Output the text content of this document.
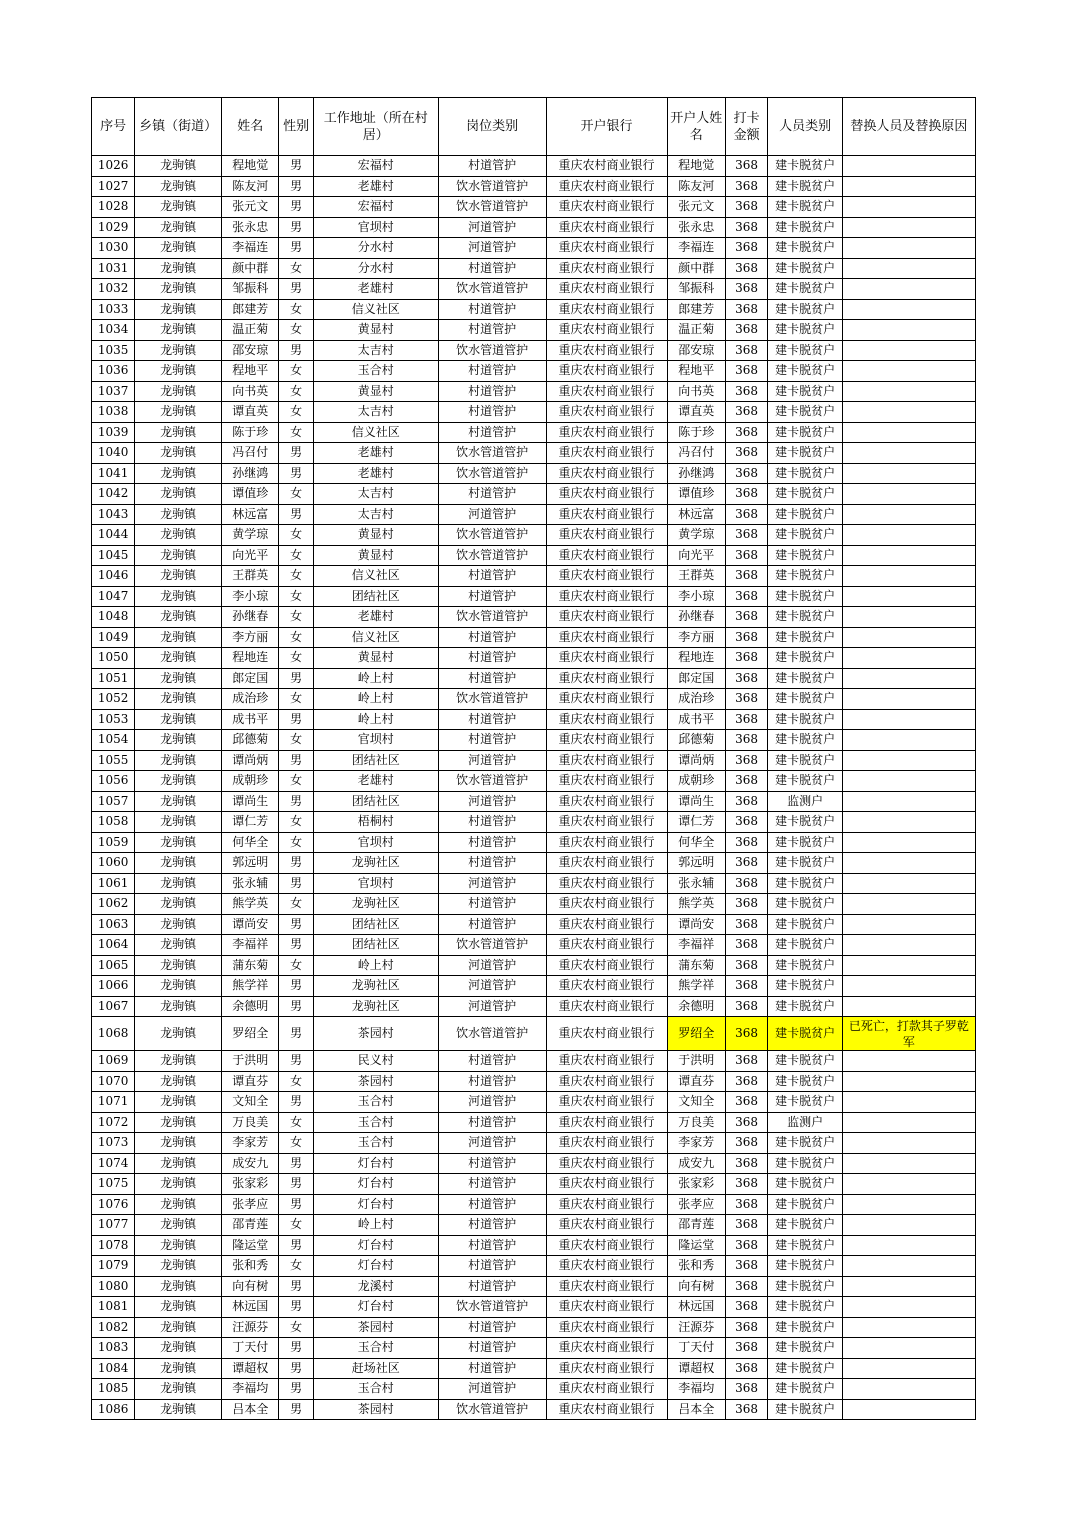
序号	乡镇（街道）	姓名	性别	工作地址（所在村居）	岗位类别	开户银行	开户人姓名	打卡金额	人员类别	替换人员及替换原因
1026	龙驹镇	程地觉	男	宏福村	村道管护	重庆农村商业银行	程地觉	368	建卡脱贫户	
1027	龙驹镇	陈友河	男	老雄村	饮水管道管护	重庆农村商业银行	陈友河	368	建卡脱贫户	
1028	龙驹镇	张元文	男	宏福村	饮水管道管护	重庆农村商业银行	张元文	368	建卡脱贫户	
1029	龙驹镇	张永忠	男	官坝村	河道管护	重庆农村商业银行	张永忠	368	建卡脱贫户	
1030	龙驹镇	李福连	男	分水村	河道管护	重庆农村商业银行	李福连	368	建卡脱贫户	
1031	龙驹镇	颜中群	女	分水村	村道管护	重庆农村商业银行	颜中群	368	建卡脱贫户	
1032	龙驹镇	邹振科	男	老雄村	饮水管道管护	重庆农村商业银行	邹振科	368	建卡脱贫户	
1033	龙驹镇	郎建芳	女	信义社区	村道管护	重庆农村商业银行	郎建芳	368	建卡脱贫户	
1034	龙驹镇	温正菊	女	黄显村	村道管护	重庆农村商业银行	温正菊	368	建卡脱贫户	
1035	龙驹镇	邵安琼	男	太吉村	饮水管道管护	重庆农村商业银行	邵安琼	368	建卡脱贫户	
1036	龙驹镇	程地平	女	玉合村	村道管护	重庆农村商业银行	程地平	368	建卡脱贫户	
1037	龙驹镇	向书英	女	黄显村	村道管护	重庆农村商业银行	向书英	368	建卡脱贫户	
1038	龙驹镇	谭直英	女	太吉村	村道管护	重庆农村商业银行	谭直英	368	建卡脱贫户	
1039	龙驹镇	陈于珍	女	信义社区	村道管护	重庆农村商业银行	陈于珍	368	建卡脱贫户	
1040	龙驹镇	冯召付	男	老雄村	饮水管道管护	重庆农村商业银行	冯召付	368	建卡脱贫户	
1041	龙驹镇	孙继鸿	男	老雄村	饮水管道管护	重庆农村商业银行	孙继鸿	368	建卡脱贫户	
1042	龙驹镇	谭值珍	女	太吉村	村道管护	重庆农村商业银行	谭值珍	368	建卡脱贫户	
1043	龙驹镇	林远富	男	太吉村	河道管护	重庆农村商业银行	林远富	368	建卡脱贫户	
1044	龙驹镇	黄学琼	女	黄显村	饮水管道管护	重庆农村商业银行	黄学琼	368	建卡脱贫户	
1045	龙驹镇	向光平	女	黄显村	饮水管道管护	重庆农村商业银行	向光平	368	建卡脱贫户	
1046	龙驹镇	王群英	女	信义社区	村道管护	重庆农村商业银行	王群英	368	建卡脱贫户	
1047	龙驹镇	李小琼	女	团结社区	村道管护	重庆农村商业银行	李小琼	368	建卡脱贫户	
1048	龙驹镇	孙继春	女	老雄村	饮水管道管护	重庆农村商业银行	孙继春	368	建卡脱贫户	
1049	龙驹镇	李方丽	女	信义社区	村道管护	重庆农村商业银行	李方丽	368	建卡脱贫户	
1050	龙驹镇	程地连	女	黄显村	村道管护	重庆农村商业银行	程地连	368	建卡脱贫户	
1051	龙驹镇	郎定国	男	岭上村	村道管护	重庆农村商业银行	郎定国	368	建卡脱贫户	
1052	龙驹镇	成治珍	女	岭上村	饮水管道管护	重庆农村商业银行	成治珍	368	建卡脱贫户	
1053	龙驹镇	成书平	男	岭上村	村道管护	重庆农村商业银行	成书平	368	建卡脱贫户	
1054	龙驹镇	邱德菊	女	官坝村	村道管护	重庆农村商业银行	邱德菊	368	建卡脱贫户	
1055	龙驹镇	谭尚炳	男	团结社区	河道管护	重庆农村商业银行	谭尚炳	368	建卡脱贫户	
1056	龙驹镇	成朝珍	女	老雄村	饮水管道管护	重庆农村商业银行	成朝珍	368	建卡脱贫户	
1057	龙驹镇	谭尚生	男	团结社区	河道管护	重庆农村商业银行	谭尚生	368	监测户	
1058	龙驹镇	谭仁芳	女	梧桐村	村道管护	重庆农村商业银行	谭仁芳	368	建卡脱贫户	
1059	龙驹镇	何华全	女	官坝村	村道管护	重庆农村商业银行	何华全	368	建卡脱贫户	
1060	龙驹镇	郭远明	男	龙驹社区	村道管护	重庆农村商业银行	郭远明	368	建卡脱贫户	
1061	龙驹镇	张永辅	男	官坝村	河道管护	重庆农村商业银行	张永辅	368	建卡脱贫户	
1062	龙驹镇	熊学英	女	龙驹社区	村道管护	重庆农村商业银行	熊学英	368	建卡脱贫户	
1063	龙驹镇	谭尚安	男	团结社区	村道管护	重庆农村商业银行	谭尚安	368	建卡脱贫户	
1064	龙驹镇	李福祥	男	团结社区	饮水管道管护	重庆农村商业银行	李福祥	368	建卡脱贫户	
1065	龙驹镇	蒲东菊	女	岭上村	河道管护	重庆农村商业银行	蒲东菊	368	建卡脱贫户	
1066	龙驹镇	熊学祥	男	龙驹社区	河道管护	重庆农村商业银行	熊学祥	368	建卡脱贫户	
1067	龙驹镇	余德明	男	龙驹社区	河道管护	重庆农村商业银行	余德明	368	建卡脱贫户	
1068	龙驹镇	罗绍全	男	茶园村	饮水管道管护	重庆农村商业银行	罗绍全	368	建卡脱贫户	已死亡，打款其子罗乾军
1069	龙驹镇	于洪明	男	民义村	村道管护	重庆农村商业银行	于洪明	368	建卡脱贫户	
1070	龙驹镇	谭直芬	女	茶园村	村道管护	重庆农村商业银行	谭直芬	368	建卡脱贫户	
1071	龙驹镇	文知全	男	玉合村	河道管护	重庆农村商业银行	文知全	368	建卡脱贫户	
1072	龙驹镇	万良美	女	玉合村	村道管护	重庆农村商业银行	万良美	368	监测户	
1073	龙驹镇	李家芳	女	玉合村	河道管护	重庆农村商业银行	李家芳	368	建卡脱贫户	
1074	龙驹镇	成安九	男	灯台村	村道管护	重庆农村商业银行	成安九	368	建卡脱贫户	
1075	龙驹镇	张家彩	男	灯台村	村道管护	重庆农村商业银行	张家彩	368	建卡脱贫户	
1076	龙驹镇	张孝应	男	灯台村	村道管护	重庆农村商业银行	张孝应	368	建卡脱贫户	
1077	龙驹镇	邵青莲	女	岭上村	村道管护	重庆农村商业银行	邵青莲	368	建卡脱贫户	
1078	龙驹镇	隆运堂	男	灯台村	村道管护	重庆农村商业银行	隆运堂	368	建卡脱贫户	
1079	龙驹镇	张和秀	女	灯台村	村道管护	重庆农村商业银行	张和秀	368	建卡脱贫户	
1080	龙驹镇	向有树	男	龙溪村	村道管护	重庆农村商业银行	向有树	368	建卡脱贫户	
1081	龙驹镇	林远国	男	灯台村	饮水管道管护	重庆农村商业银行	林远国	368	建卡脱贫户	
1082	龙驹镇	汪源芬	女	茶园村	村道管护	重庆农村商业银行	汪源芬	368	建卡脱贫户	
1083	龙驹镇	丁天付	男	玉合村	村道管护	重庆农村商业银行	丁天付	368	建卡脱贫户	
1084	龙驹镇	谭超权	男	赶场社区	村道管护	重庆农村商业银行	谭超权	368	建卡脱贫户	
1085	龙驹镇	李福均	男	玉合村	河道管护	重庆农村商业银行	李福均	368	建卡脱贫户	
1086	龙驹镇	吕本全	男	茶园村	饮水管道管护	重庆农村商业银行	吕本全	368	建卡脱贫户	
